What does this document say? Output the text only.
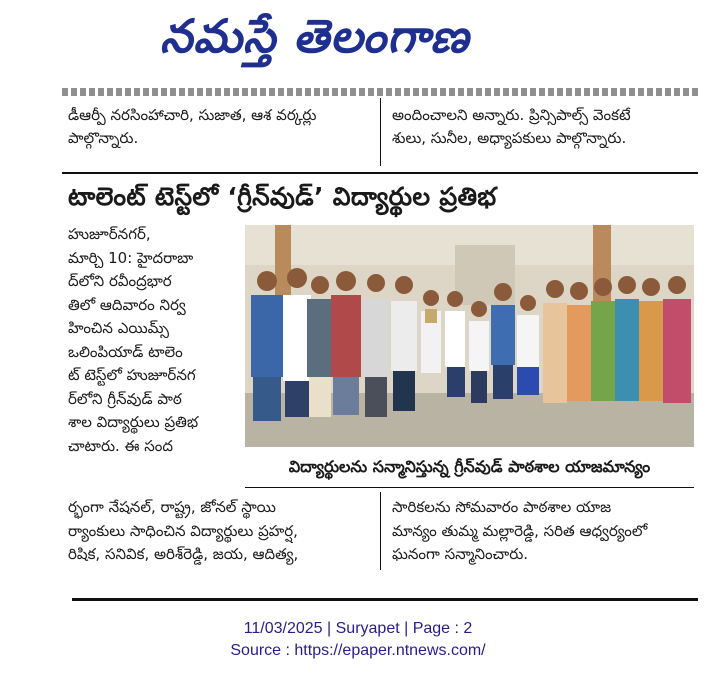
నమస్తే తెలంగాణ
డీఆర్పీ నరసింహాచారి, సుజాత, ఆశ వర్కర్లు
పాల్గొన్నారు.
అందించాలని అన్నారు. ప్రిన్సిపాల్స్ వెంకటే
శులు, సునీల, అధ్యాపకులు పాల్గొన్నారు.
టాలెంట్ టెస్ట్‌లో ‘గ్రీన్‌వుడ్’ విద్యార్థుల ప్రతిభ
హుజూర్‌నగర్,
మార్చి 10: హైదరాబా
ద్‌లోని రవీంద్రభార
తిలో ఆదివారం నిర్వ
హించిన ఎయిమ్స్
ఒలింపియాడ్ టాలెం
ట్ టెస్ట్‌లో హుజూర్‌నగ
ర్‌లోని గ్రీన్‌వుడ్ పాఠ
శాల విద్యార్థులు ప్రతిభ
చాటారు. ఈ సంద
విద్యార్థులను సన్మానిస్తున్న గ్రీన్‌వుడ్ పాఠశాల యాజమాన్యం
ర్భంగా నేషనల్, రాష్ట్ర, జోనల్ స్థాయి
ర్యాంకులు సాధించిన విద్యార్థులు ప్రహర్ష,
రిషిక, సనివిక, అరిశ్‌రెడ్డి, జయ, ఆదిత్య,
సారికలను సోమవారం పాఠశాల యాజ
మాన్యం తుమ్మ మల్లారెడ్డి, సరిత ఆధ్వర్యంలో
ఘనంగా సన్మానించారు.
11/03/2025 | Suryapet | Page : 2
Source : https://epaper.ntnews.com/
